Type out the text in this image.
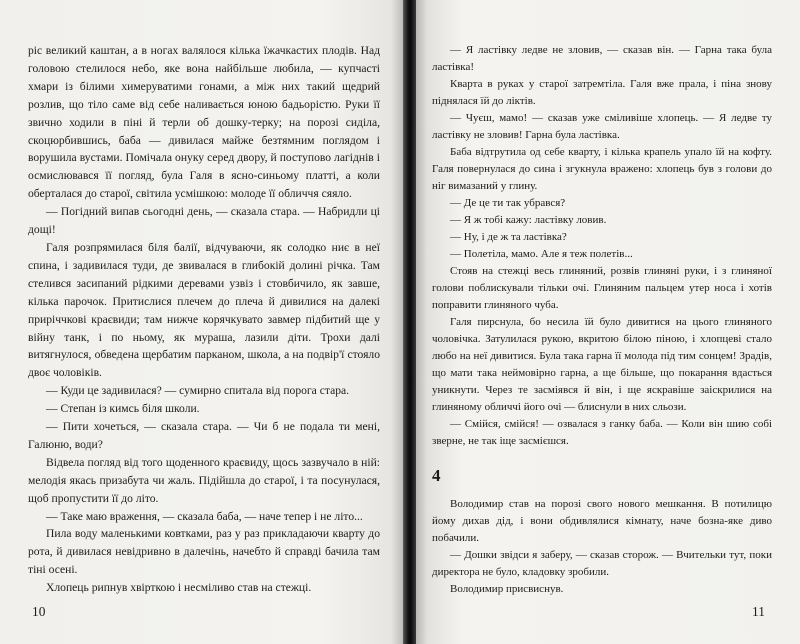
ріс великий каштан, а в ногах валялося кілька їжачкастих плодів. Над головою стелилося небо, яке вона найбільше любила, — купчасті хмари із білими химеруватими гонами, а між них такий щедрий розлив, що тіло саме від себе наливається юною бадьорістю. Руки її звично ходили в піні й терли об дошку-терку; на порозі сиділа, скоцюрбившись, баба — дивилася майже безтямним поглядом і ворушила вустами. Помічала онуку серед двору, й поступово лагіднів і осмислювався її погляд, була Галя в ясно-синьому платті, а коли оберталася до старої, світила усмішкою: молоде її обличчя сяяло.

— Погідний випав сьогодні день, — сказала стара. — Набридли ці дощі!

Галя розпрямилася біля балії, відчуваючи, як солодко ниє в неї спина, і задивилася туди, де звивалася в глибокій долині річка. Там стелився засипаний рідкими деревами узвіз і стовбичило, як завше, кілька парочок. Притислися плечем до плеча й дивилися на далекі приріччкові краєвиди; там нижче корячкувато завмер підбитий ще у війну танк, і по ньому, як мураша, лазили діти. Трохи далі витягнулося, обведена щербатим парканом, школа, а на подвір'ї стояло двоє чоловіків.

— Куди це задивилася? — сумирно спитала від порога стара.

— Степан із кимсь біля школи.

— Пити хочеться, — сказала стара. — Чи б не подала ти мені, Галюню, води?

Відвела погляд від того щоденного краєвиду, щось зазвучало в ній: мелодія якась призабута чи жаль. Підійшла до старої, і та посунулася, щоб пропустити її до літо.

— Таке маю враження, — сказала баба, — наче тепер і не літо...

Пила воду маленькими ковтками, раз у раз прикладаючи кварту до рота, й дивилася невідривно в далечінь, начебто й справді бачила там тіні осені.

Хлопець рипнув хвірткою і несміливо став на стежці.

10

— Я ластівку ледве не зловив, — сказав він. — Гарна така була ластівка!

Кварта в руках у старої затремтіла. Галя вже прала, і піна знову піднялася їй до ліктів.

— Чуєш, мамо! — сказав уже сміливіше хлопець. — Я ледве ту ластівку не зловив! Гарна була ластівка.

Баба відтрутила од себе кварту, і кілька крапель упало їй на кофту. Галя повернулася до сина і згукнула вражено: хлопець був з голови до ніг вимазаний у глину.

— Де це ти так убрався?

— Я ж тобі кажу: ластівку ловив.

— Ну, і де ж та ластівка?

— Полетіла, мамо. Але я теж полетів...

Стояв на стежці весь глиняний, розвів глиняні руки, і з глиняної голови поблискували тільки очі. Глиняним пальцем утер носа і хотів поправити глиняного чуба.

Галя пирснула, бо несила їй було дивитися на цього глиняного чоловічка. Затулилася рукою, вкритою білою піною, і хлопцеві стало любо на неї дивитися. Була така гарна її молода під тим сонцем! Зрадів, що мати така неймовірно гарна, а ще більше, що покарання вдасться уникнути. Через те засміявся й він, і ще яскравіше заіскрилися на глиняному обличчі його очі — блиснули в них сльози.

— Смійся, смійся! — озвалася з ганку баба. — Коли він шию собі зверне, не так іще засмієшся.

4

Володимир став на порозі свого нового мешкання. В потилицю йому дихав дід, і вони обдивлялися кімнату, наче бозна-яке диво побачили.

— Дошки звідси я заберу, — сказав сторож. — Вчительки тут, поки директора не було, кладовку зробили.

Володимир присвиснув.

11
